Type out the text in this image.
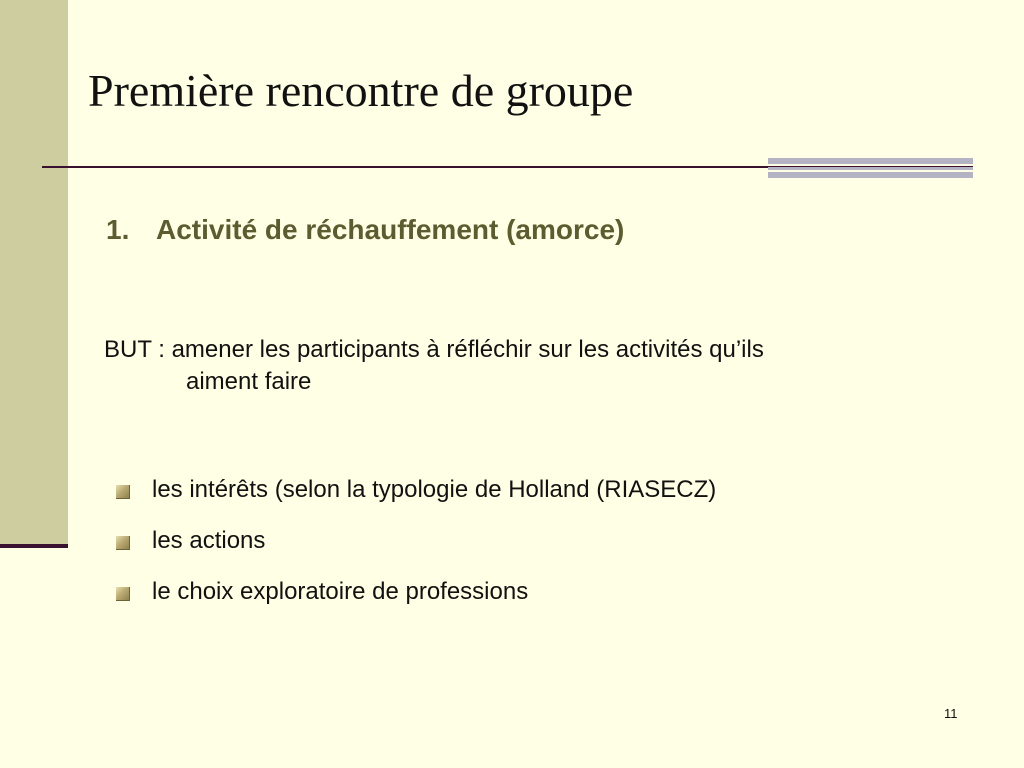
Première rencontre de groupe
1. Activité de réchauffement (amorce)
BUT : amener les participants à réfléchir sur les activités qu’ils
aiment faire
les intérêts (selon la typologie de Holland (RIASECZ)
les actions
le choix exploratoire de professions
11
